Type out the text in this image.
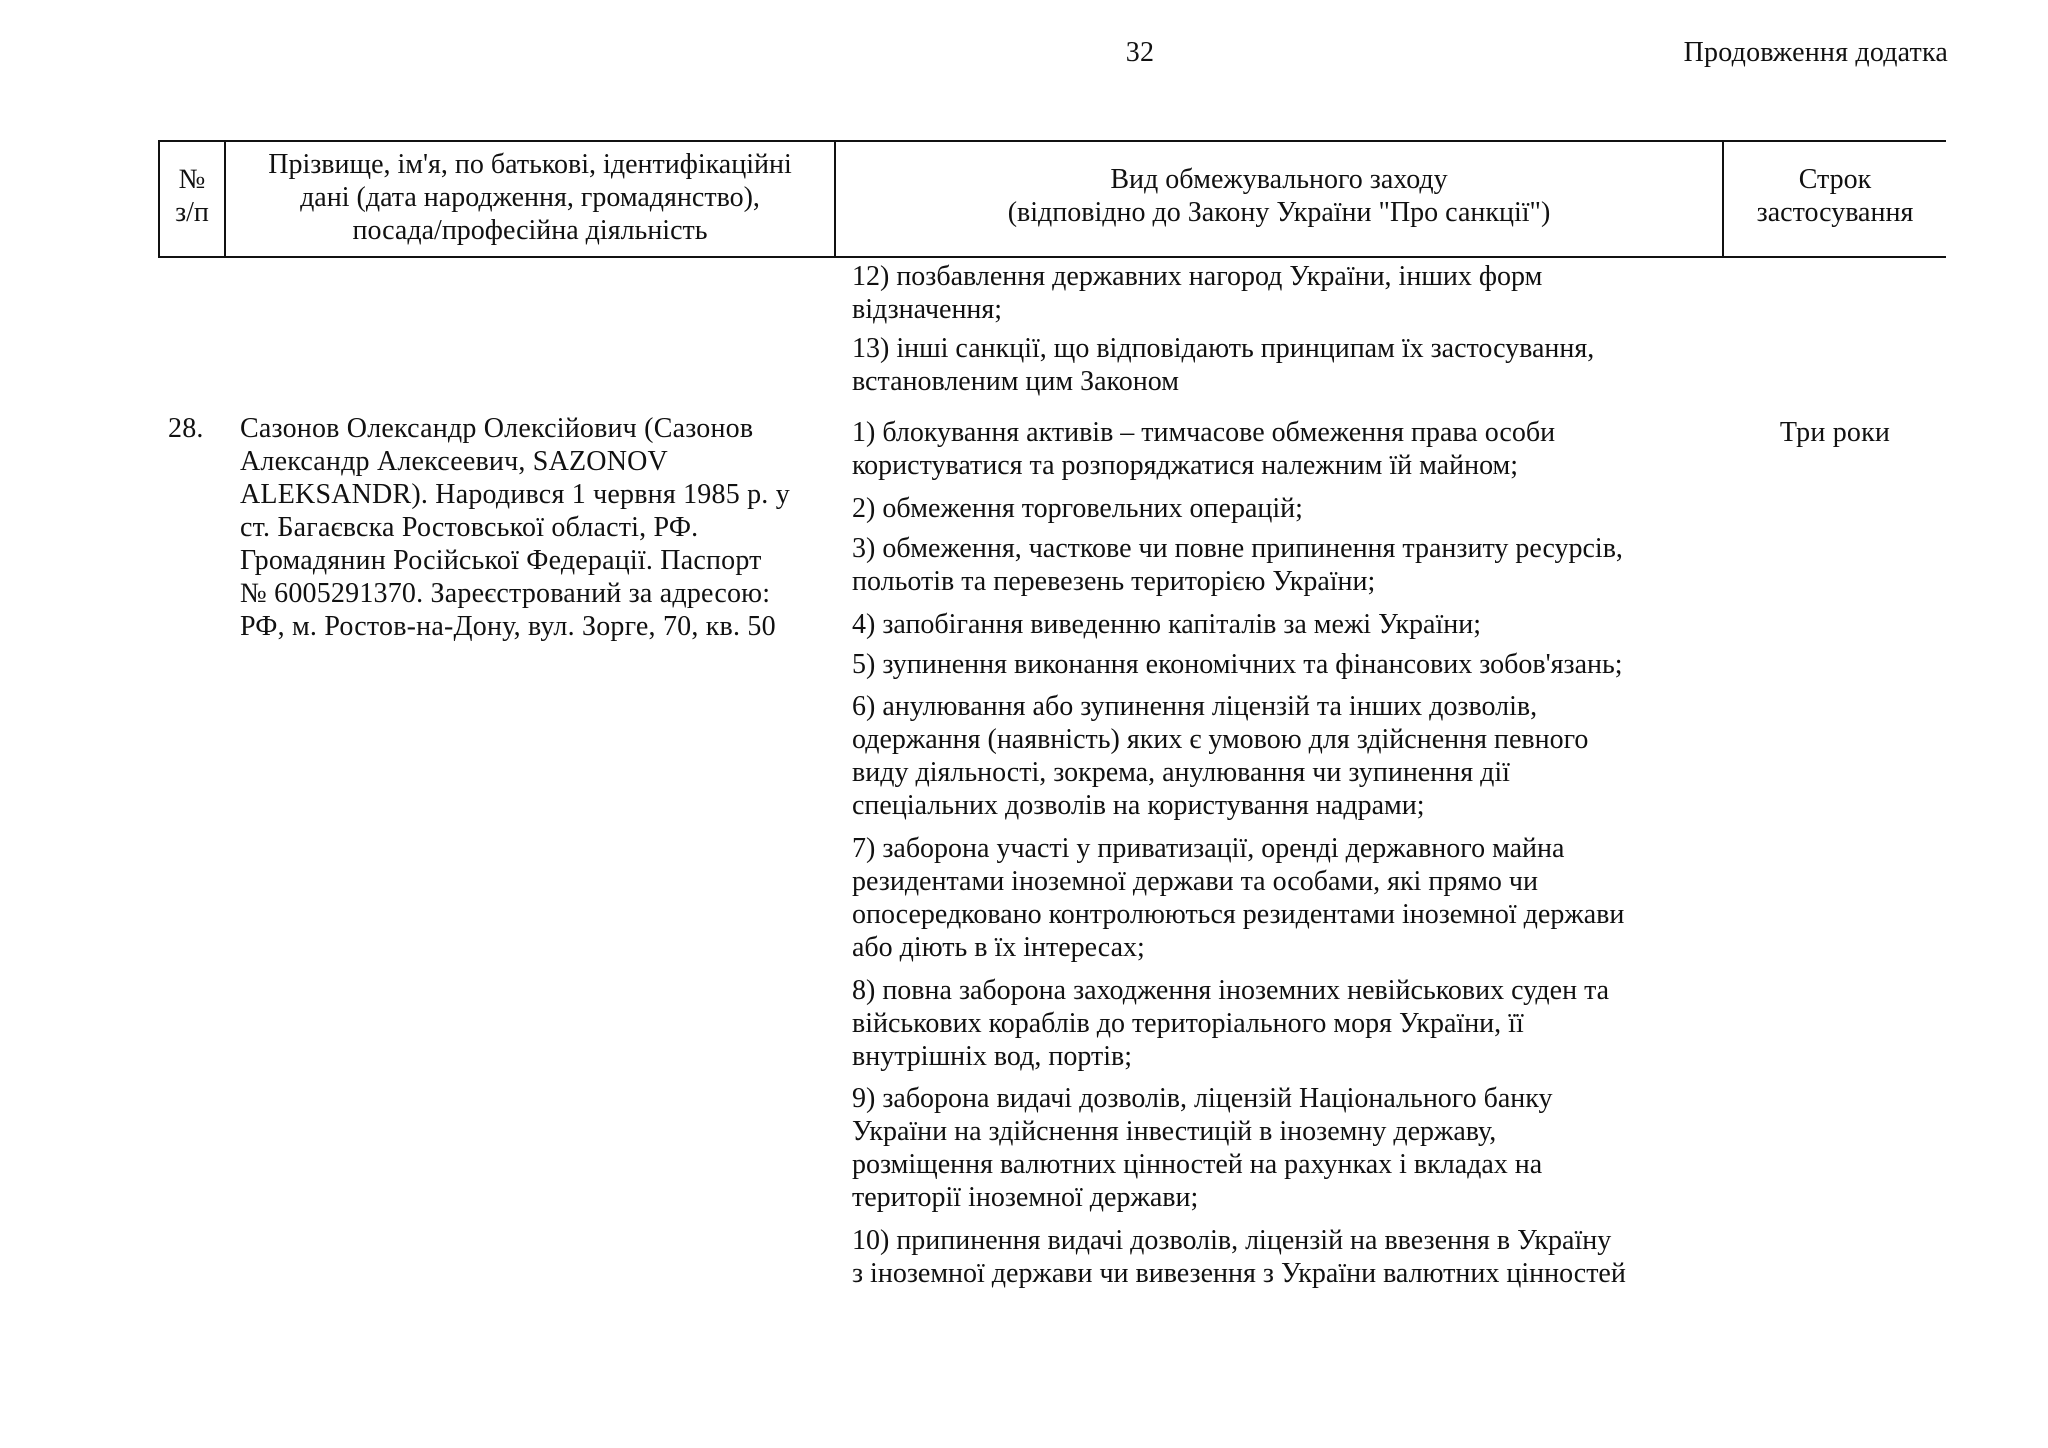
32	Продовження додатка
№
з/п
Прізвище, ім'я, по батькові, ідентифікаційні
дані (дата народження, громадянство),
посада/професійна діяльність
Вид обмежувального заходу
(відповідно до Закону України "Про санкції")
Строк
застосування
12) позбавлення державних нагород України, інших форм
відзначення;
13) інші санкції, що відповідають принципам їх застосування,
встановленим цим Законом
28. Сазонов Олександр Олексійович (Сазонов
Александр Алексеевич, SAZONOV
ALEKSANDR). Народився 1 червня 1985 р. у
ст. Багаєвска Ростовської області, РФ.
Громадянин Російської Федерації. Паспорт
№ 6005291370. Зареєстрований за адресою:
РФ, м. Ростов-на-Дону, вул. Зорге, 70, кв. 50
Три роки
1) блокування активів – тимчасове обмеження права особи
користуватися та розпоряджатися належним їй майном;
2) обмеження торговельних операцій;
3) обмеження, часткове чи повне припинення транзиту ресурсів,
польотів та перевезень територією України;
4) запобігання виведенню капіталів за межі України;
5) зупинення виконання економічних та фінансових зобов'язань;
6) анулювання або зупинення ліцензій та інших дозволів,
одержання (наявність) яких є умовою для здійснення певного
виду діяльності, зокрема, анулювання чи зупинення дії
спеціальних дозволів на користування надрами;
7) заборона участі у приватизації, оренді державного майна
резидентами іноземної держави та особами, які прямо чи
опосередковано контролюються резидентами іноземної держави
або діють в їх інтересах;
8) повна заборона заходження іноземних невійськових суден та
військових кораблів до територіального моря України, її
внутрішніх вод, портів;
9) заборона видачі дозволів, ліцензій Національного банку
України на здійснення інвестицій в іноземну державу,
розміщення валютних цінностей на рахунках і вкладах на
території іноземної держави;
10) припинення видачі дозволів, ліцензій на ввезення в Україну
з іноземної держави чи вивезення з України валютних цінностей
